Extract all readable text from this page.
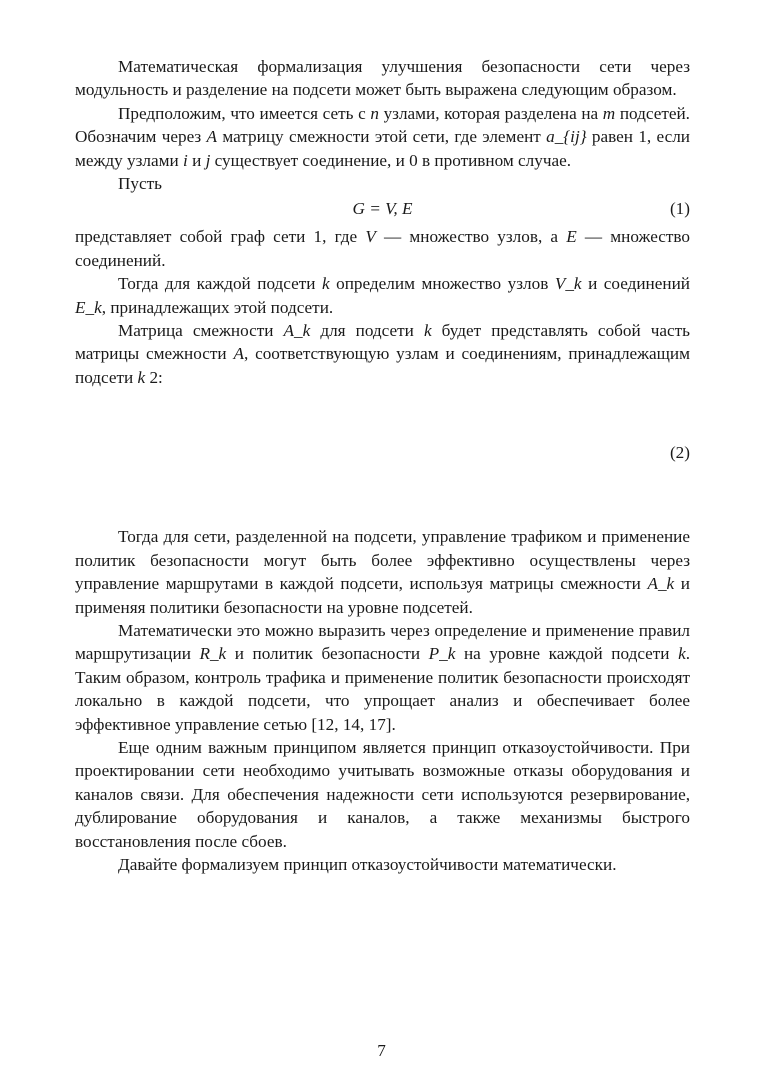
Математическая формализация улучшения безопасности сети через модульность и разделение на подсети может быть выражена следующим образом.

Предположим, что имеется сеть с n узлами, которая разделена на m подсетей. Обозначим через A матрицу смежности этой сети, где элемент a_{ij} равен 1, если между узлами i и j существует соединение, и 0 в противном случае.

Пусть

G = V, E	(1)

представляет собой граф сети 1, где V — множество узлов, а E — множество соединений.

Тогда для каждой подсети k определим множество узлов V_k и соединений E_k, принадлежащих этой подсети.

Матрица смежности A_k для подсети k будет представлять собой часть матрицы смежности A, соответствующую узлам и соединениям, принадлежащим подсети k 2:

(2)

Тогда для сети, разделенной на подсети, управление трафиком и применение политик безопасности могут быть более эффективно осуществлены через управление маршрутами в каждой подсети, используя матрицы смежности A_k и применяя политики безопасности на уровне подсетей.

Математически это можно выразить через определение и применение правил маршрутизации R_k и политик безопасности P_k на уровне каждой подсети k. Таким образом, контроль трафика и применение политик безопасности происходят локально в каждой подсети, что упрощает анализ и обеспечивает более эффективное управление сетью [12, 14, 17].

Еще одним важным принципом является принцип отказоустойчивости. При проектировании сети необходимо учитывать возможные отказы оборудования и каналов связи. Для обеспечения надежности сети используются резервирование, дублирование оборудования и каналов, а также механизмы быстрого восстановления после сбоев.

Давайте формализуем принцип отказоустойчивости математически.

7
